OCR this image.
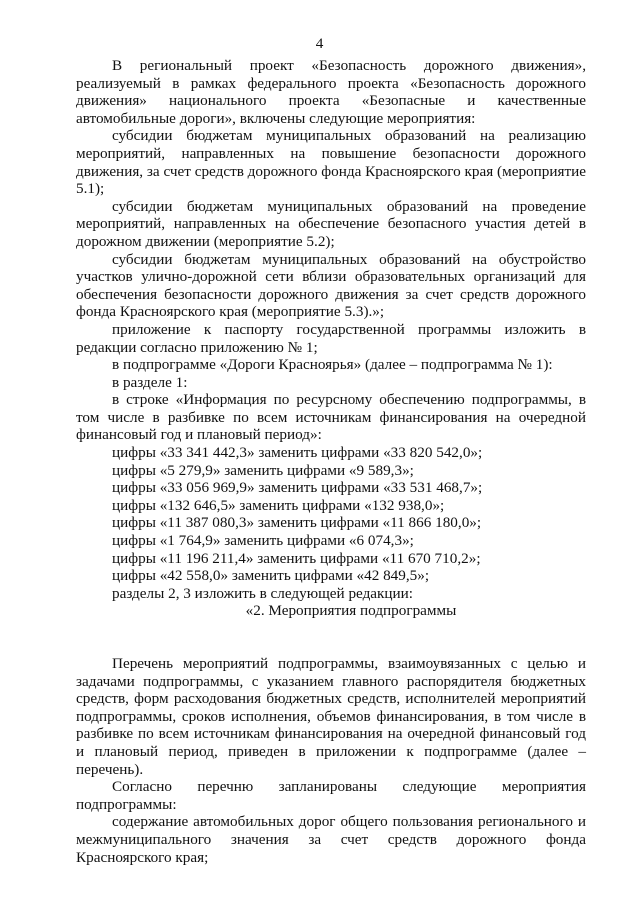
4

В региональный проект «Безопасность дорожного движения», реализуемый в рамках федерального проекта «Безопасность дорожного движения» национального проекта «Безопасные и качественные автомобильные дороги», включены следующие мероприятия:

субсидии бюджетам муниципальных образований на реализацию мероприятий, направленных на повышение безопасности дорожного движения, за счет средств дорожного фонда Красноярского края (мероприятие 5.1);

субсидии бюджетам муниципальных образований на проведение мероприятий, направленных на обеспечение безопасного участия детей в дорожном движении (мероприятие 5.2);

субсидии бюджетам муниципальных образований на обустройство участков улично-дорожной сети вблизи образовательных организаций для обеспечения безопасности дорожного движения за счет средств дорожного фонда Красноярского края (мероприятие 5.3).»;

приложение к паспорту государственной программы изложить в редакции согласно приложению № 1;

в подпрограмме «Дороги Красноярья» (далее – подпрограмма № 1):

в разделе 1:

в строке «Информация по ресурсному обеспечению подпрограммы, в том числе в разбивке по всем источникам финансирования на очередной финансовый год и плановый период»:

цифры «33 341 442,3» заменить цифрами «33 820 542,0»;

цифры «5 279,9» заменить цифрами «9 589,3»;

цифры «33 056 969,9» заменить цифрами «33 531 468,7»;

цифры «132 646,5» заменить цифрами «132 938,0»;

цифры «11 387 080,3» заменить цифрами «11 866 180,0»;

цифры «1 764,9» заменить цифрами «6 074,3»;

цифры «11 196 211,4» заменить цифрами «11 670 710,2»;

цифры «42 558,0» заменить цифрами «42 849,5»;

разделы 2, 3 изложить в следующей редакции:

«2. Мероприятия подпрограммы

Перечень мероприятий подпрограммы, взаимоувязанных с целью и задачами подпрограммы, с указанием главного распорядителя бюджетных средств, форм расходования бюджетных средств, исполнителей мероприятий подпрограммы, сроков исполнения, объемов финансирования, в том числе в разбивке по всем источникам финансирования на очередной финансовый год и плановый период, приведен в приложении к подпрограмме (далее – перечень).

Согласно перечню запланированы следующие мероприятия подпрограммы:

содержание автомобильных дорог общего пользования регионального и межмуниципального значения за счет средств дорожного фонда Красноярского края;
